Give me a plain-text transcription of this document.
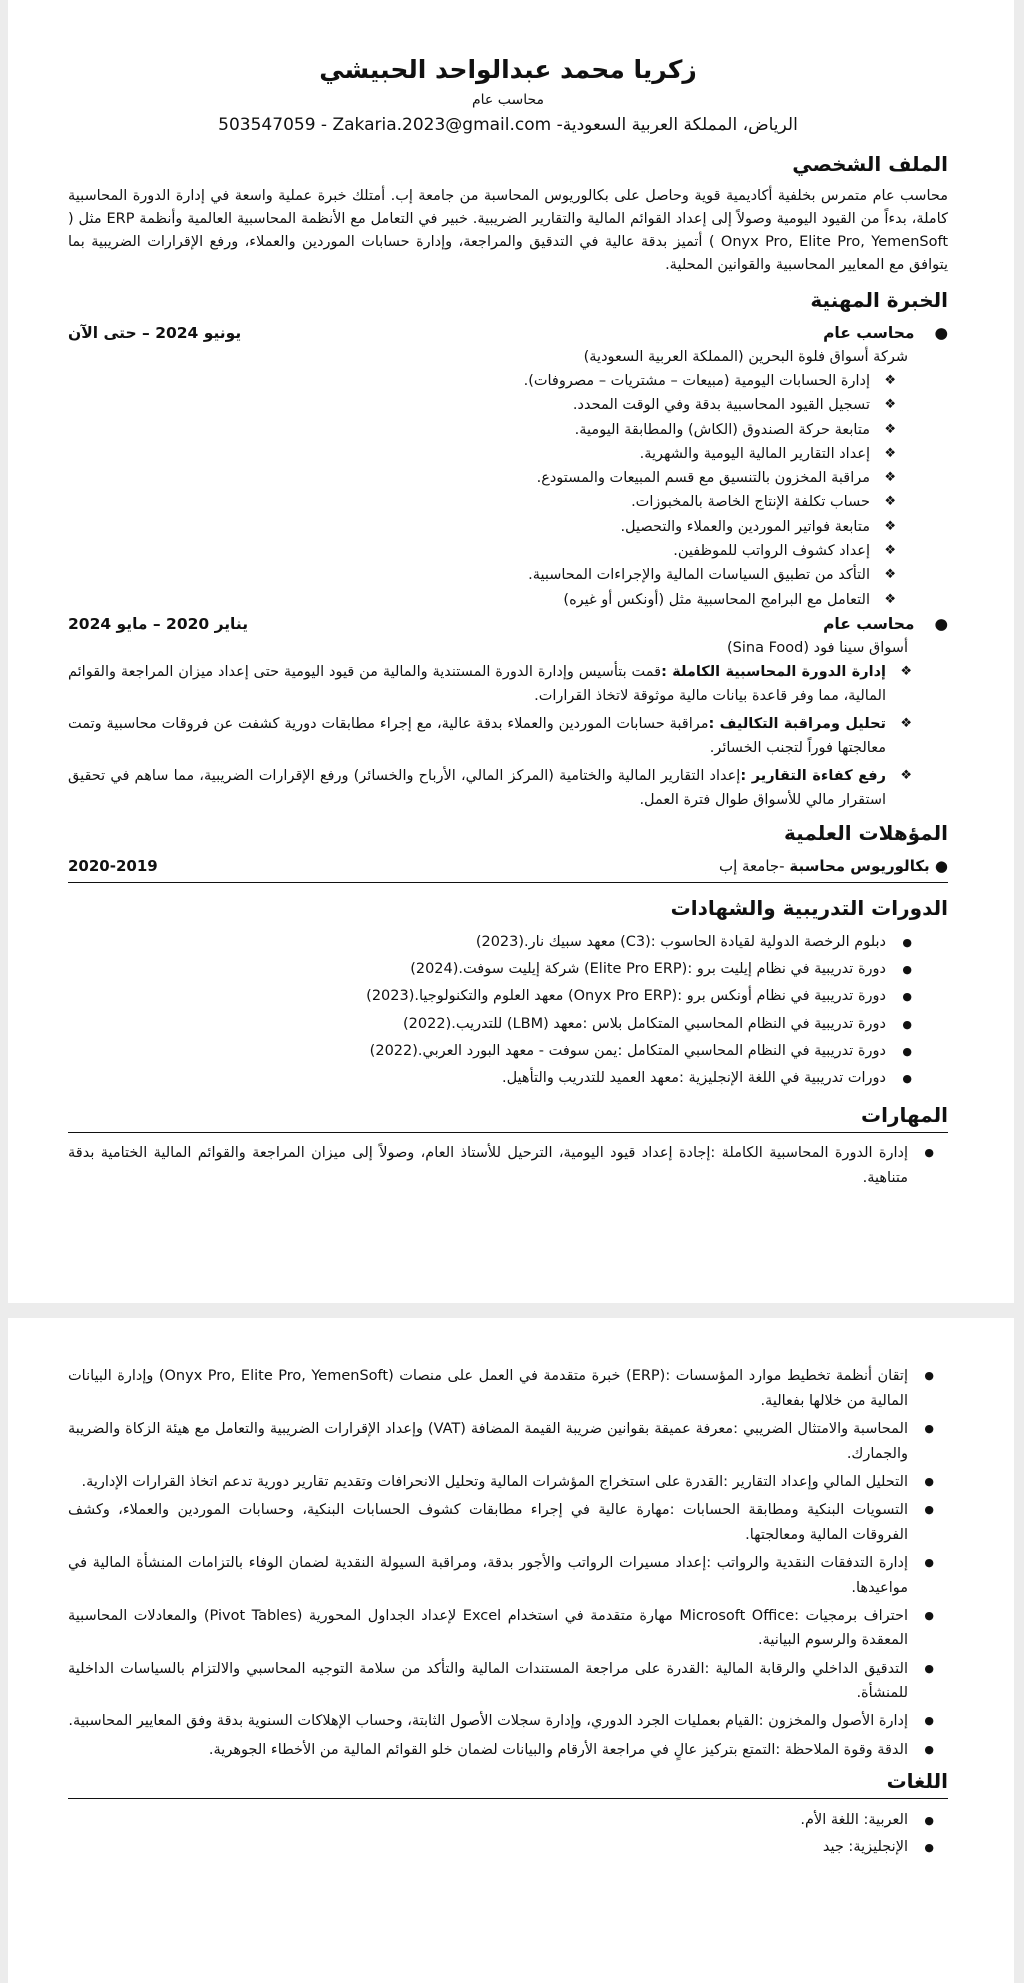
زكريا محمد عبدالواحد الحبيشي
محاسب عام
503547059 - Zakaria.2023@gmail.com -الرياض، المملكة العربية السعودية
الملف الشخصي
محاسب عام متمرس بخلفية أكاديمية قوية وحاصل على بكالوريوس المحاسبة من جامعة إب. أمتلك خبرة عملية واسعة في إدارة الدورة المحاسبية كاملة، بدءاً من القيود اليومية وصولاً إلى إعداد القوائم المالية والتقارير الضريبية. خبير في التعامل مع الأنظمة المحاسبية العالمية وأنظمة ERP مثل ( Onyx Pro, Elite Pro, YemenSoft ) أتميز بدقة عالية في التدقيق والمراجعة، وإدارة حسابات الموردين والعملاء، ورفع الإقرارات الضريبية بما يتوافق مع المعايير المحاسبية والقوانين المحلية.
الخبرة المهنية
●محاسب عام
يونيو 2024 – حتى الآن
شركة أسواق فلوة البحرين (المملكة العربية السعودية)
❖
إدارة الحسابات اليومية (مبيعات – مشتريات – مصروفات).
❖
تسجيل القيود المحاسبية بدقة وفي الوقت المحدد.
❖
متابعة حركة الصندوق (الكاش) والمطابقة اليومية.
❖
إعداد التقارير المالية اليومية والشهرية.
❖
مراقبة المخزون بالتنسيق مع قسم المبيعات والمستودع.
❖
حساب تكلفة الإنتاج الخاصة بالمخبوزات.
❖
متابعة فواتير الموردين والعملاء والتحصيل.
❖
إعداد كشوف الرواتب للموظفين.
❖
التأكد من تطبيق السياسات المالية والإجراءات المحاسبية.
❖
التعامل مع البرامج المحاسبية مثل (أونكس أو غيره)
●محاسب عام
يناير 2020 – مايو 2024
أسواق سينا فود (Sina Food)
❖
إدارة الدورة المحاسبية الكاملة :قمت بتأسيس وإدارة الدورة المستندية والمالية من قيود اليومية حتى إعداد ميزان المراجعة والقوائم المالية، مما وفر قاعدة بيانات مالية موثوقة لاتخاذ القرارات.
❖
تحليل ومراقبة التكاليف :مراقبة حسابات الموردين والعملاء بدقة عالية، مع إجراء مطابقات دورية كشفت عن فروقات محاسبية وتمت معالجتها فوراً لتجنب الخسائر.
❖
رفع كفاءة التقارير :إعداد التقارير المالية والختامية (المركز المالي، الأرباح والخسائر) ورفع الإقرارات الضريبية، مما ساهم في تحقيق استقرار مالي للأسواق طوال فترة العمل.
المؤهلات العلمية
● بكالوريوس محاسبة -جامعة إب
2020-2019
الدورات التدريبية والشهادات
●
دبلوم الرخصة الدولية لقيادة الحاسوب :(C3) معهد سبيك نار.(2023)
●
دورة تدريبية في نظام إيليت برو :(Elite Pro ERP) شركة إيليت سوفت.(2024)
●
دورة تدريبية في نظام أونكس برو :(Onyx Pro ERP) معهد العلوم والتكنولوجيا.(2023)
●
دورة تدريبية في النظام المحاسبي المتكامل بلاس :معهد (LBM) للتدريب.(2022)
●
دورة تدريبية في النظام المحاسبي المتكامل :يمن سوفت - معهد البورد العربي.(2022)
●
دورات تدريبية في اللغة الإنجليزية :معهد العميد للتدريب والتأهيل.
المهارات
●
إدارة الدورة المحاسبية الكاملة :إجادة إعداد قيود اليومية، الترحيل للأستاذ العام، وصولاً إلى ميزان المراجعة والقوائم المالية الختامية بدقة متناهية.
●
إتقان أنظمة تخطيط موارد المؤسسات :(ERP) خبرة متقدمة في العمل على منصات (Onyx Pro, Elite Pro, YemenSoft) وإدارة البيانات المالية من خلالها بفعالية.
●
المحاسبة والامتثال الضريبي :معرفة عميقة بقوانين ضريبة القيمة المضافة (VAT) وإعداد الإقرارات الضريبية والتعامل مع هيئة الزكاة والضريبة والجمارك.
●
التحليل المالي وإعداد التقارير :القدرة على استخراج المؤشرات المالية وتحليل الانحرافات وتقديم تقارير دورية تدعم اتخاذ القرارات الإدارية.
●
التسويات البنكية ومطابقة الحسابات :مهارة عالية في إجراء مطابقات كشوف الحسابات البنكية، وحسابات الموردين والعملاء، وكشف الفروقات المالية ومعالجتها.
●
إدارة التدفقات النقدية والرواتب :إعداد مسيرات الرواتب والأجور بدقة، ومراقبة السيولة النقدية لضمان الوفاء بالتزامات المنشأة المالية في مواعيدها.
●
احتراف برمجيات :Microsoft Office مهارة متقدمة في استخدام Excel لإعداد الجداول المحورية (Pivot Tables) والمعادلات المحاسبية المعقدة والرسوم البيانية.
●
التدقيق الداخلي والرقابة المالية :القدرة على مراجعة المستندات المالية والتأكد من سلامة التوجيه المحاسبي والالتزام بالسياسات الداخلية للمنشأة.
●
إدارة الأصول والمخزون :القيام بعمليات الجرد الدوري، وإدارة سجلات الأصول الثابتة، وحساب الإهلاكات السنوية بدقة وفق المعايير المحاسبية.
●
الدقة وقوة الملاحظة :التمتع بتركيز عالٍ في مراجعة الأرقام والبيانات لضمان خلو القوائم المالية من الأخطاء الجوهرية.
اللغات
●
العربية: اللغة الأم.
●
الإنجليزية: جيد
